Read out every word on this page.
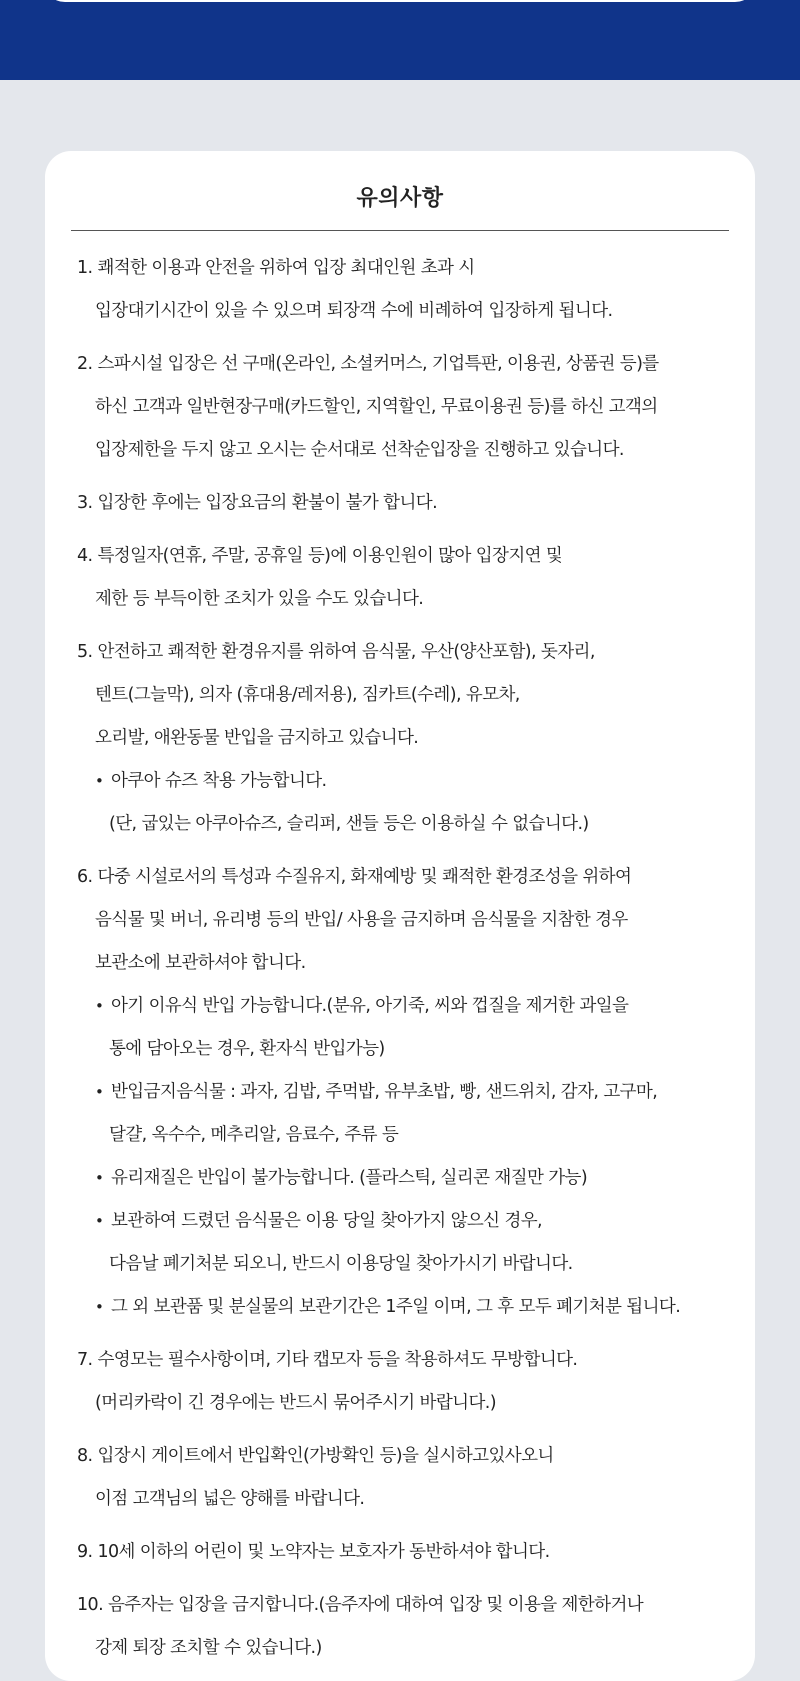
유의사항
1. 쾌적한 이용과 안전을 위하여 입장 최대인원 초과 시
입장대기시간이 있을 수 있으며 퇴장객 수에 비례하여 입장하게 됩니다.
2. 스파시설 입장은 선 구매(온라인, 소셜커머스, 기업특판, 이용권, 상품권 등)를
하신 고객과 일반현장구매(카드할인, 지역할인, 무료이용권 등)를 하신 고객의
입장제한을 두지 않고 오시는 순서대로 선착순입장을 진행하고 있습니다.
3. 입장한 후에는 입장요금의 환불이 불가 합니다.
4. 특정일자(연휴, 주말, 공휴일 등)에 이용인원이 많아 입장지연 및
제한 등 부득이한 조치가 있을 수도 있습니다.
5. 안전하고 쾌적한 환경유지를 위하여 음식물, 우산(양산포함), 돗자리,
텐트(그늘막), 의자 (휴대용/레저용), 짐카트(수레), 유모차,
오리발, 애완동물 반입을 금지하고 있습니다.
• 아쿠아 슈즈 착용 가능합니다.
(단, 굽있는 아쿠아슈즈, 슬리퍼, 샌들 등은 이용하실 수 없습니다.)
6. 다중 시설로서의 특성과 수질유지, 화재예방 및 쾌적한 환경조성을 위하여
음식물 및 버너, 유리병 등의 반입/ 사용을 금지하며 음식물을 지참한 경우
보관소에 보관하셔야 합니다.
• 아기 이유식 반입 가능합니다.(분유, 아기죽, 씨와 껍질을 제거한 과일을
통에 담아오는 경우, 환자식 반입가능)
• 반입금지음식물 : 과자, 김밥, 주먹밥, 유부초밥, 빵, 샌드위치, 감자, 고구마,
달걀, 옥수수, 메추리알, 음료수, 주류 등
• 유리재질은 반입이 불가능합니다. (플라스틱, 실리콘 재질만 가능)
• 보관하여 드렸던 음식물은 이용 당일 찾아가지 않으신 경우,
다음날 폐기처분 되오니, 반드시 이용당일 찾아가시기 바랍니다.
• 그 외 보관품 및 분실물의 보관기간은 1주일 이며, 그 후 모두 폐기처분 됩니다.
7. 수영모는 필수사항이며, 기타 캡모자 등을 착용하셔도 무방합니다.
(머리카락이 긴 경우에는 반드시 묶어주시기 바랍니다.)
8. 입장시 게이트에서 반입확인(가방확인 등)을 실시하고있사오니
이점 고객님의 넓은 양해를 바랍니다.
9. 10세 이하의 어린이 및 노약자는 보호자가 동반하셔야 합니다.
10. 음주자는 입장을 금지합니다.(음주자에 대하여 입장 및 이용을 제한하거나
강제 퇴장 조치할 수 있습니다.)
